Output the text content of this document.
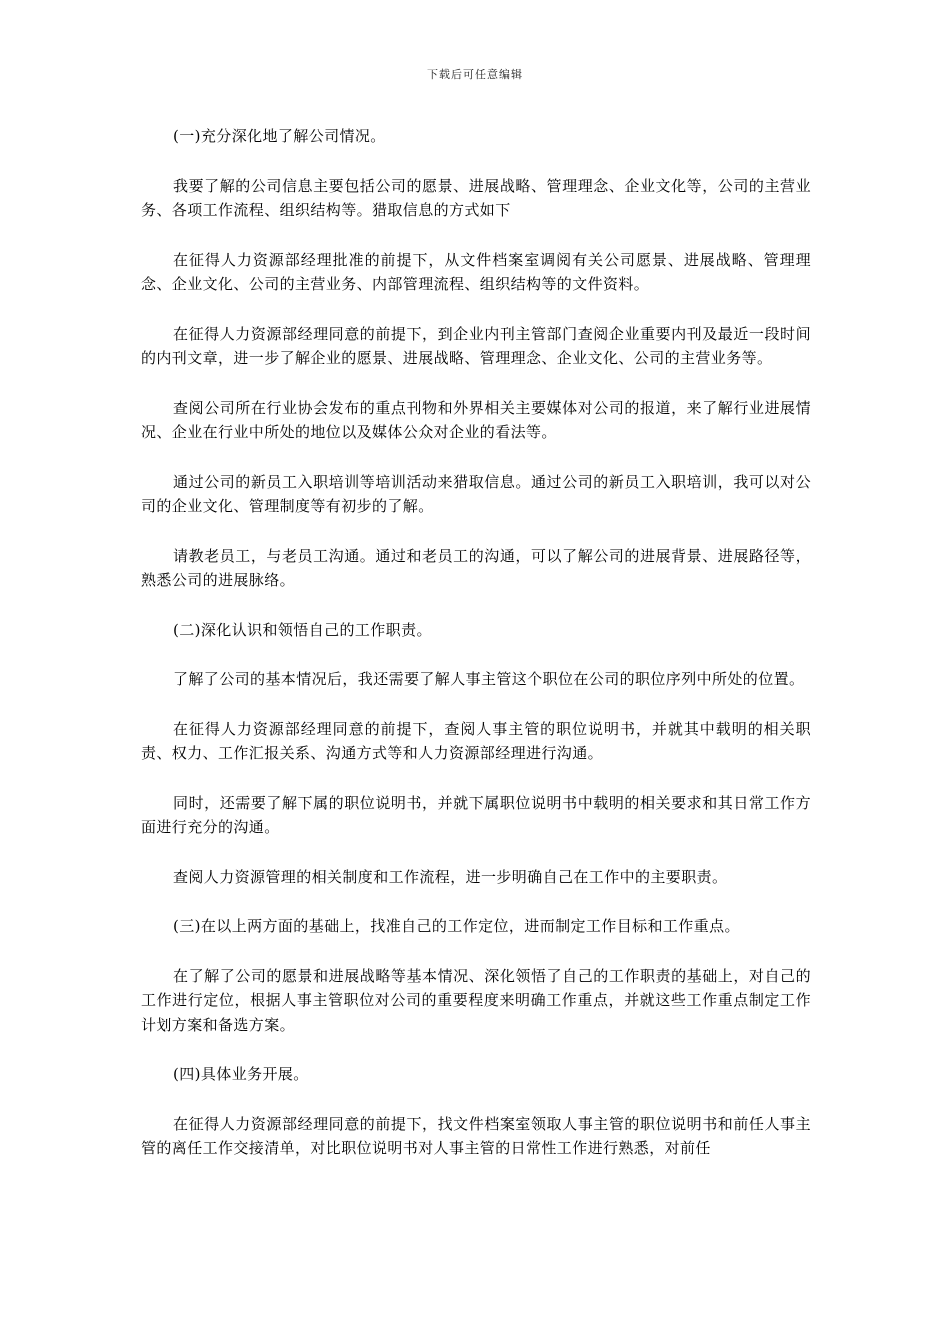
下载后可任意编辑

(一)充分深化地了解公司情况。

我要了解的公司信息主要包括公司的愿景、进展战略、管理理念、企业文化等，公司的主营业务、各项工作流程、组织结构等。猎取信息的方式如下

在征得人力资源部经理批准的前提下，从文件档案室调阅有关公司愿景、进展战略、管理理念、企业文化、公司的主营业务、内部管理流程、组织结构等的文件资料。

在征得人力资源部经理同意的前提下，到企业内刊主管部门查阅企业重要内刊及最近一段时间的内刊文章，进一步了解企业的愿景、进展战略、管理理念、企业文化、公司的主营业务等。

查阅公司所在行业协会发布的重点刊物和外界相关主要媒体对公司的报道，来了解行业进展情况、企业在行业中所处的地位以及媒体公众对企业的看法等。

通过公司的新员工入职培训等培训活动来猎取信息。通过公司的新员工入职培训，我可以对公司的企业文化、管理制度等有初步的了解。

请教老员工，与老员工沟通。通过和老员工的沟通，可以了解公司的进展背景、进展路径等，熟悉公司的进展脉络。

(二)深化认识和领悟自己的工作职责。

了解了公司的基本情况后，我还需要了解人事主管这个职位在公司的职位序列中所处的位置。

在征得人力资源部经理同意的前提下，查阅人事主管的职位说明书，并就其中载明的相关职责、权力、工作汇报关系、沟通方式等和人力资源部经理进行沟通。

同时，还需要了解下属的职位说明书，并就下属职位说明书中载明的相关要求和其日常工作方面进行充分的沟通。

查阅人力资源管理的相关制度和工作流程，进一步明确自己在工作中的主要职责。

(三)在以上两方面的基础上，找准自己的工作定位，进而制定工作目标和工作重点。

在了解了公司的愿景和进展战略等基本情况、深化领悟了自己的工作职责的基础上，对自己的工作进行定位，根据人事主管职位对公司的重要程度来明确工作重点，并就这些工作重点制定工作计划方案和备选方案。

(四)具体业务开展。

在征得人力资源部经理同意的前提下，找文件档案室领取人事主管的职位说明书和前任人事主管的离任工作交接清单，对比职位说明书对人事主管的日常性工作进行熟悉，对前任
